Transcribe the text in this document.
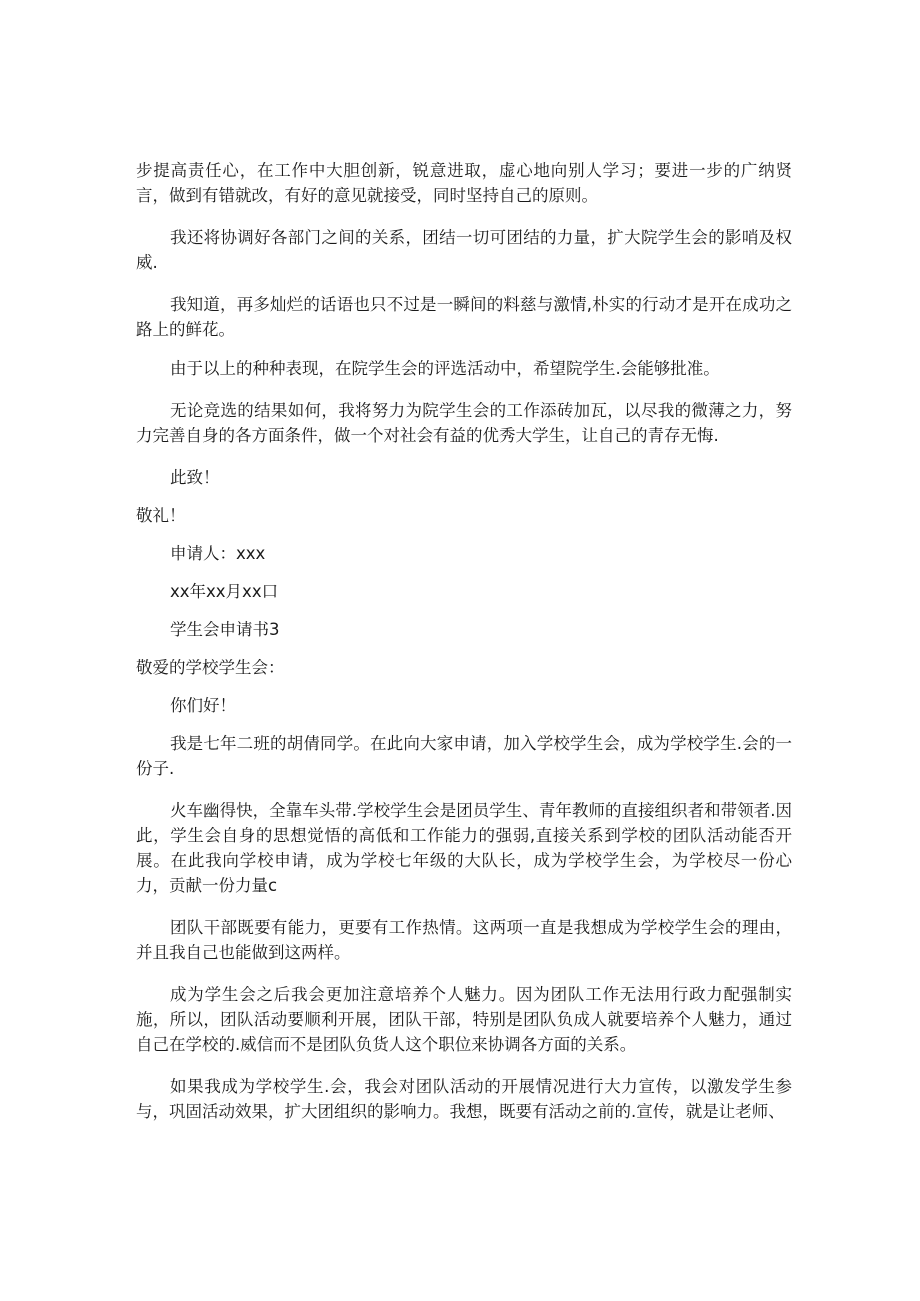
步提高责任心，在工作中大胆创新，锐意进取，虚心地向别人学习；要进一步的广纳贤言，做到有错就改，有好的意见就接受，同时坚持自己的原则。

我还将协调好各部门之间的关系，团结一切可团结的力量，扩大院学生会的影哨及权威.

我知道，再多灿烂的话语也只不过是一瞬间的料慈与激情,朴实的行动才是开在成功之路上的鲜花。

由于以上的种种表现，在院学生会的评选活动中，希望院学生.会能够批准。

无论竞选的结果如何，我将努力为院学生会的工作添砖加瓦，以尽我的微薄之力，努力完善自身的各方面条件，做一个对社会有益的优秀大学生，让自己的青存无悔.

此致！

敬礼！

申请人：xxx

xx年xx月xx口

学生会申请书3

敬爱的学校学生会：

你们好！

我是七年二班的胡倩同学。在此向大家申请，加入学校学生会，成为学校学生.会的一份子.

火车幽得快，全靠车头带.学校学生会是团员学生、青年教师的直接组织者和带领者.因此，学生会自身的思想觉悟的高低和工作能力的强弱,直接关系到学校的团队活动能否开展。在此我向学校申请，成为学校七年级的大队长，成为学校学生会，为学校尽一份心力，贡献一份力量c

团队干部既要有能力，更要有工作热情。这两项一直是我想成为学校学生会的理由，并且我自己也能做到这两样。

成为学生会之后我会更加注意培养个人魅力。因为团队工作无法用行政力配强制实施，所以，团队活动要顺利开展，团队干部，特别是团队负成人就要培养个人魅力，通过自己在学校的.威信而不是团队负货人这个职位来协调各方面的关系。

如果我成为学校学生.会，我会对团队活动的开展情况进行大力宣传，以激发学生参与，巩固活动效果，扩大团组织的影响力。我想，既要有活动之前的.宣传，就是让老师、
